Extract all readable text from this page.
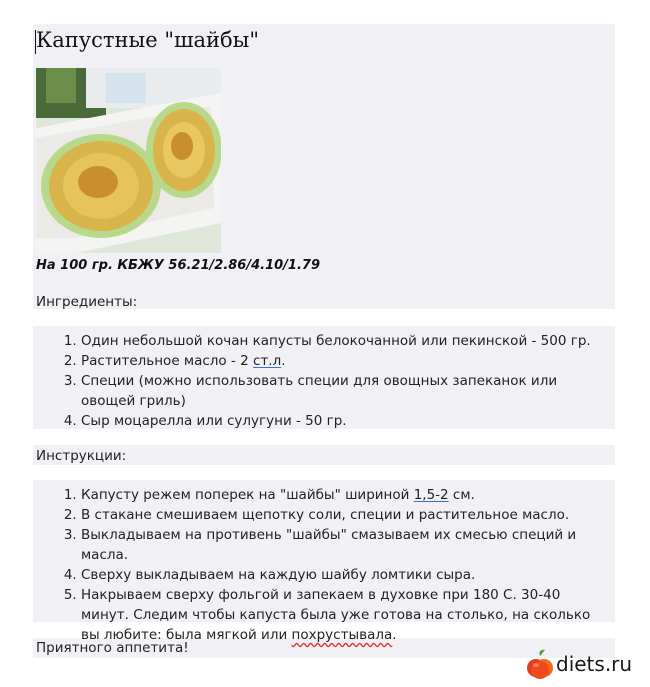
Капустные "шайбы"
На 100 гр. КБЖУ 56.21/2.86/4.10/1.79
Ингредиенты:
1. Один небольшой кочан капусты белокочанной или пекинской - 500 гр.
2. Растительное масло - 2 ст.л.
3. Специи (можно использовать специи для овощных запеканок или овощей гриль)
4. Сыр моцарелла или сулугуни - 50 гр.
Инструкции:
1. Капусту режем поперек на "шайбы" шириной 1,5-2 см.
2. В стакане смешиваем щепотку соли, специи и растительное масло.
3. Выкладываем на противень "шайбы" смазываем их смесью специй и масла.
4. Сверху выкладываем на каждую шайбу ломтики сыра.
5. Накрываем сверху фольгой и запекаем в духовке при 180 С. 30-40 минут. Следим чтобы капуста была уже готова на столько, на сколько вы любите: была мягкой или похрустывала.
Приятного аппетита!
diets.ru
